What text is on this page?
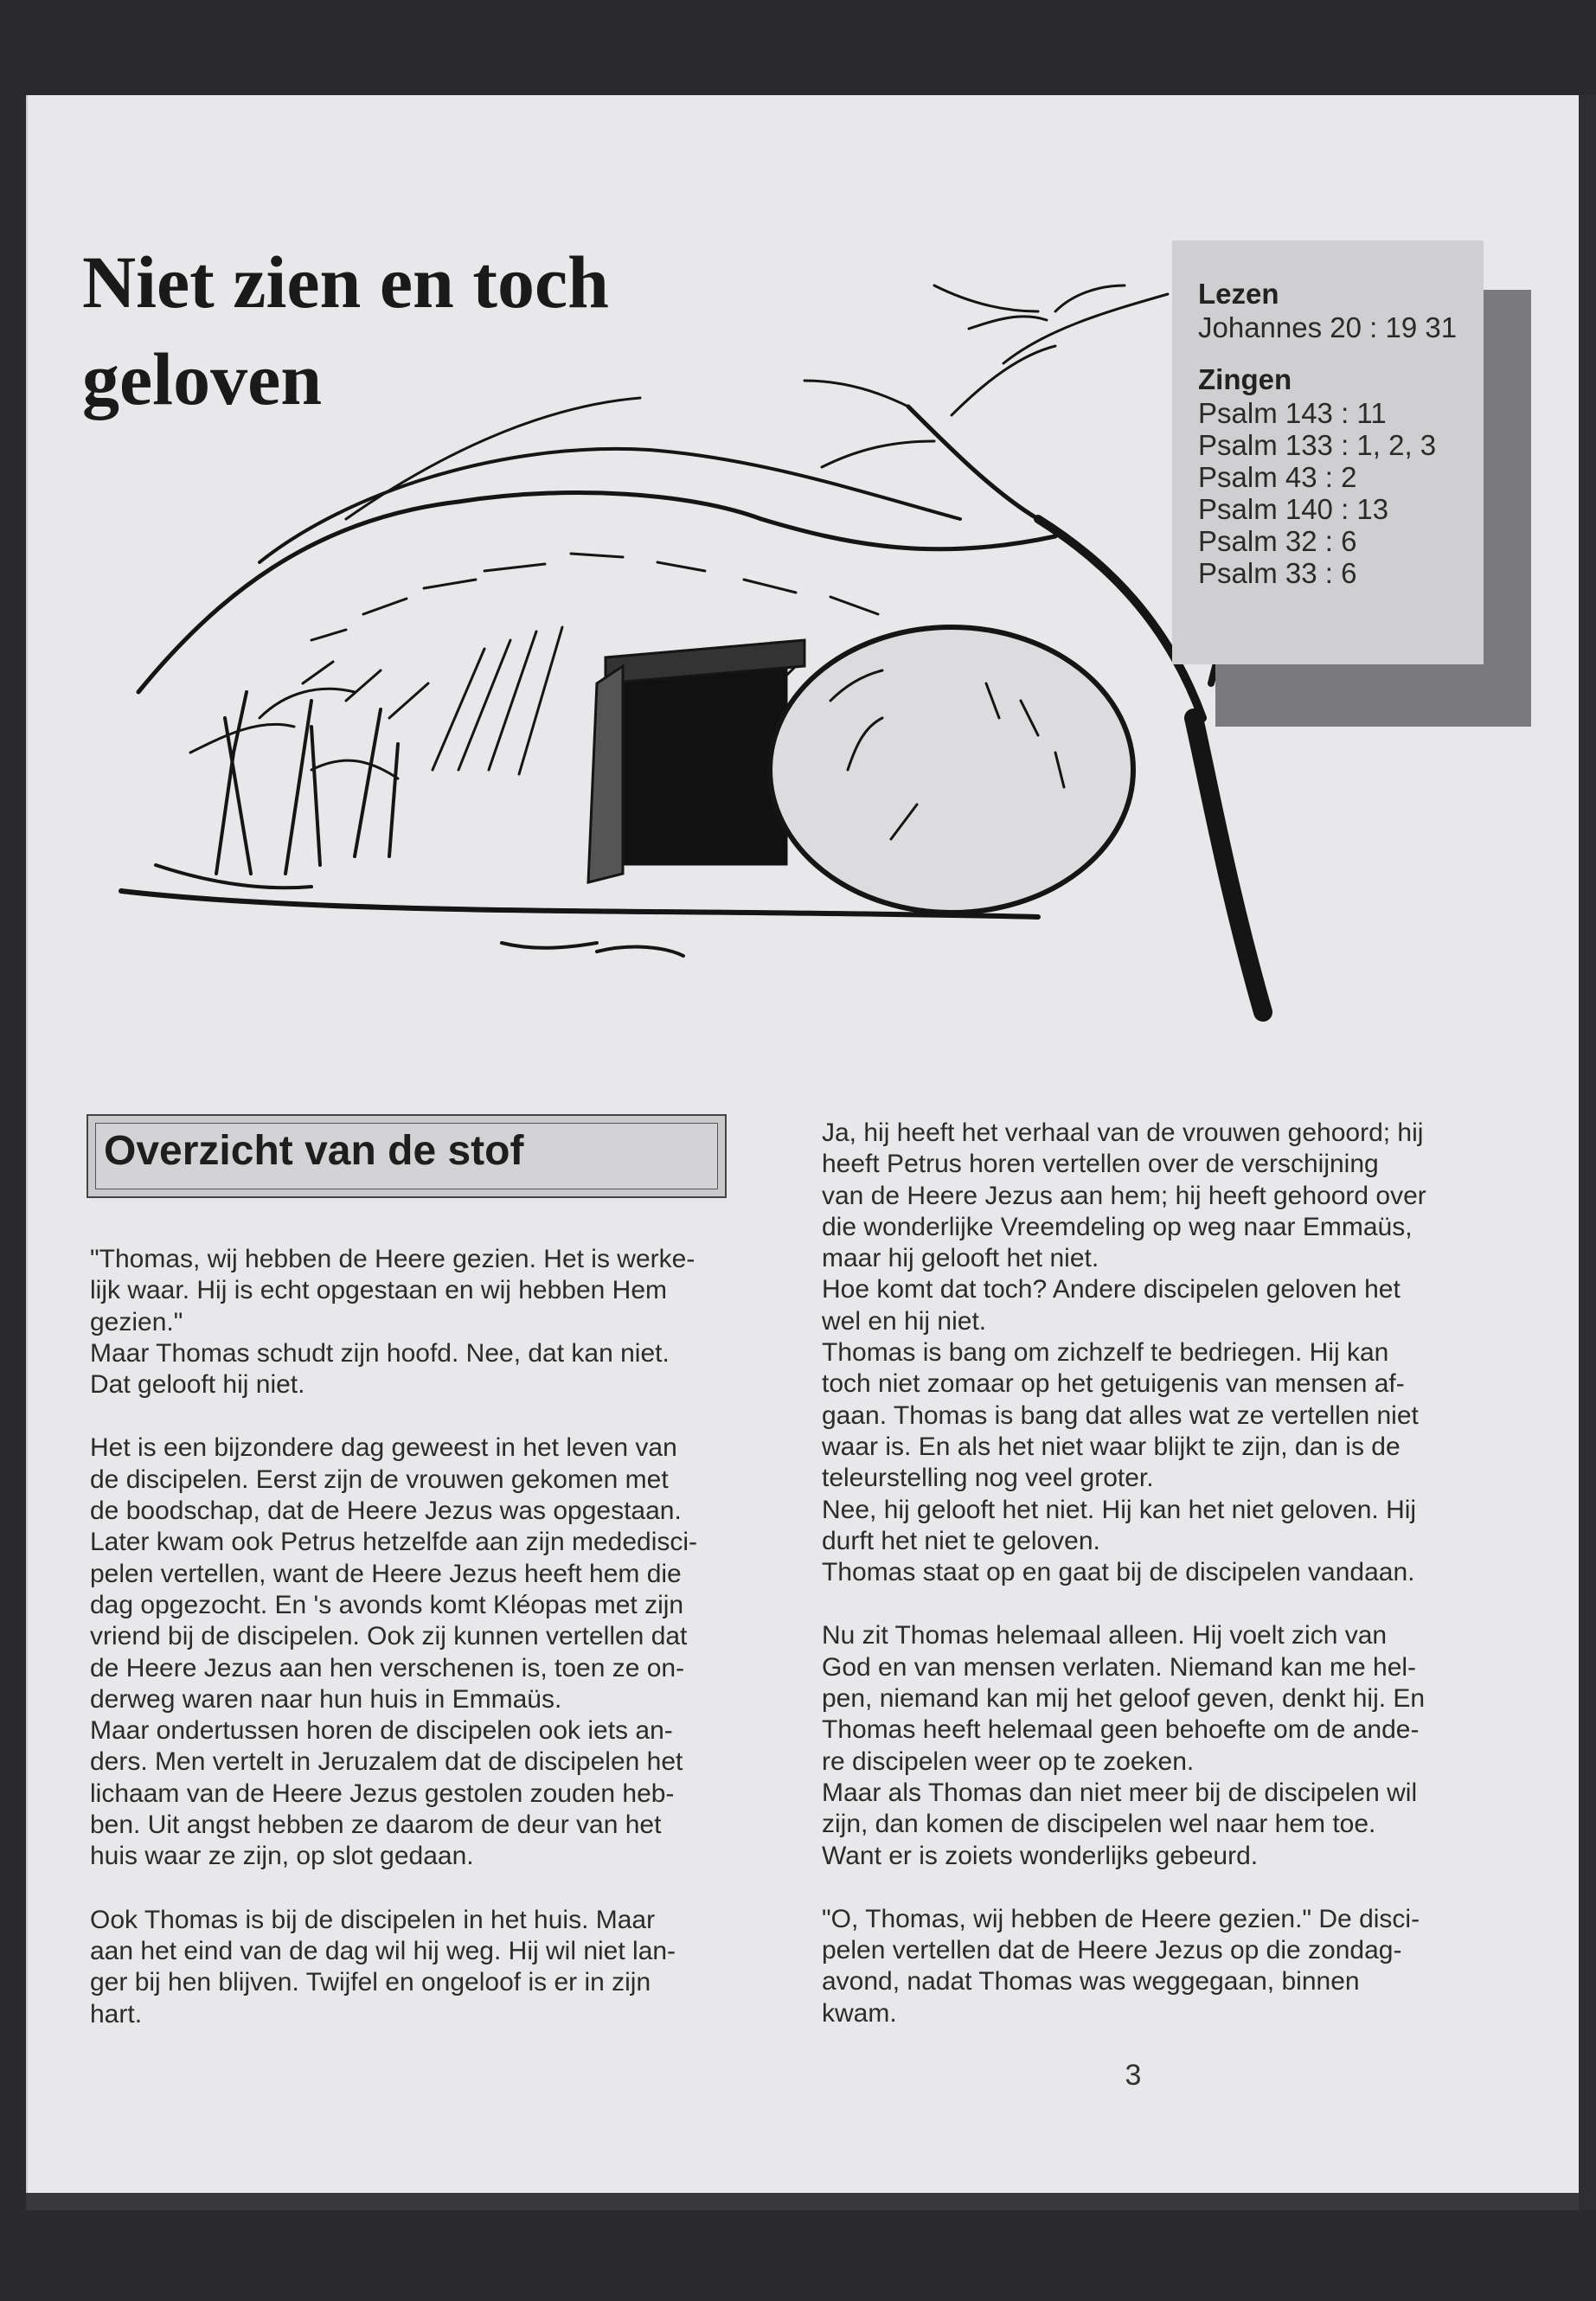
Niet zien en toch geloven
Lezen
Johannes 20 : 19 31
Zingen
Psalm 143 : 11
Psalm 133 : 1, 2, 3
Psalm 43 : 2
Psalm 140 : 13
Psalm 32 : 6
Psalm 33 : 6
Overzicht van de stof

"Thomas, wij hebben de Heere gezien. Het is werke-
lijk waar. Hij is echt opgestaan en wij hebben Hem
gezien."
Maar Thomas schudt zijn hoofd. Nee, dat kan niet.
Dat gelooft hij niet.

Het is een bijzondere dag geweest in het leven van
de discipelen. Eerst zijn de vrouwen gekomen met
de boodschap, dat de Heere Jezus was opgestaan.
Later kwam ook Petrus hetzelfde aan zijn mededisci-
pelen vertellen, want de Heere Jezus heeft hem die
dag opgezocht. En 's avonds komt Kléopas met zijn
vriend bij de discipelen. Ook zij kunnen vertellen dat
de Heere Jezus aan hen verschenen is, toen ze on-
derweg waren naar hun huis in Emmaüs.
Maar ondertussen horen de discipelen ook iets an-
ders. Men vertelt in Jeruzalem dat de discipelen het
lichaam van de Heere Jezus gestolen zouden heb-
ben. Uit angst hebben ze daarom de deur van het
huis waar ze zijn, op slot gedaan.

Ook Thomas is bij de discipelen in het huis. Maar
aan het eind van de dag wil hij weg. Hij wil niet lan-
ger bij hen blijven. Twijfel en ongeloof is er in zijn
hart.

Ja, hij heeft het verhaal van de vrouwen gehoord; hij
heeft Petrus horen vertellen over de verschijning
van de Heere Jezus aan hem; hij heeft gehoord over
die wonderlijke Vreemdeling op weg naar Emmaüs,
maar hij gelooft het niet.
Hoe komt dat toch? Andere discipelen geloven het
wel en hij niet.
Thomas is bang om zichzelf te bedriegen. Hij kan
toch niet zomaar op het getuigenis van mensen af-
gaan. Thomas is bang dat alles wat ze vertellen niet
waar is. En als het niet waar blijkt te zijn, dan is de
teleurstelling nog veel groter.
Nee, hij gelooft het niet. Hij kan het niet geloven. Hij
durft het niet te geloven.
Thomas staat op en gaat bij de discipelen vandaan.

Nu zit Thomas helemaal alleen. Hij voelt zich van
God en van mensen verlaten. Niemand kan me hel-
pen, niemand kan mij het geloof geven, denkt hij. En
Thomas heeft helemaal geen behoefte om de ande-
re discipelen weer op te zoeken.
Maar als Thomas dan niet meer bij de discipelen wil
zijn, dan komen de discipelen wel naar hem toe.
Want er is zoiets wonderlijks gebeurd.

"O, Thomas, wij hebben de Heere gezien." De disci-
pelen vertellen dat de Heere Jezus op die zondag-
avond, nadat Thomas was weggegaan, binnen
kwam.

3
